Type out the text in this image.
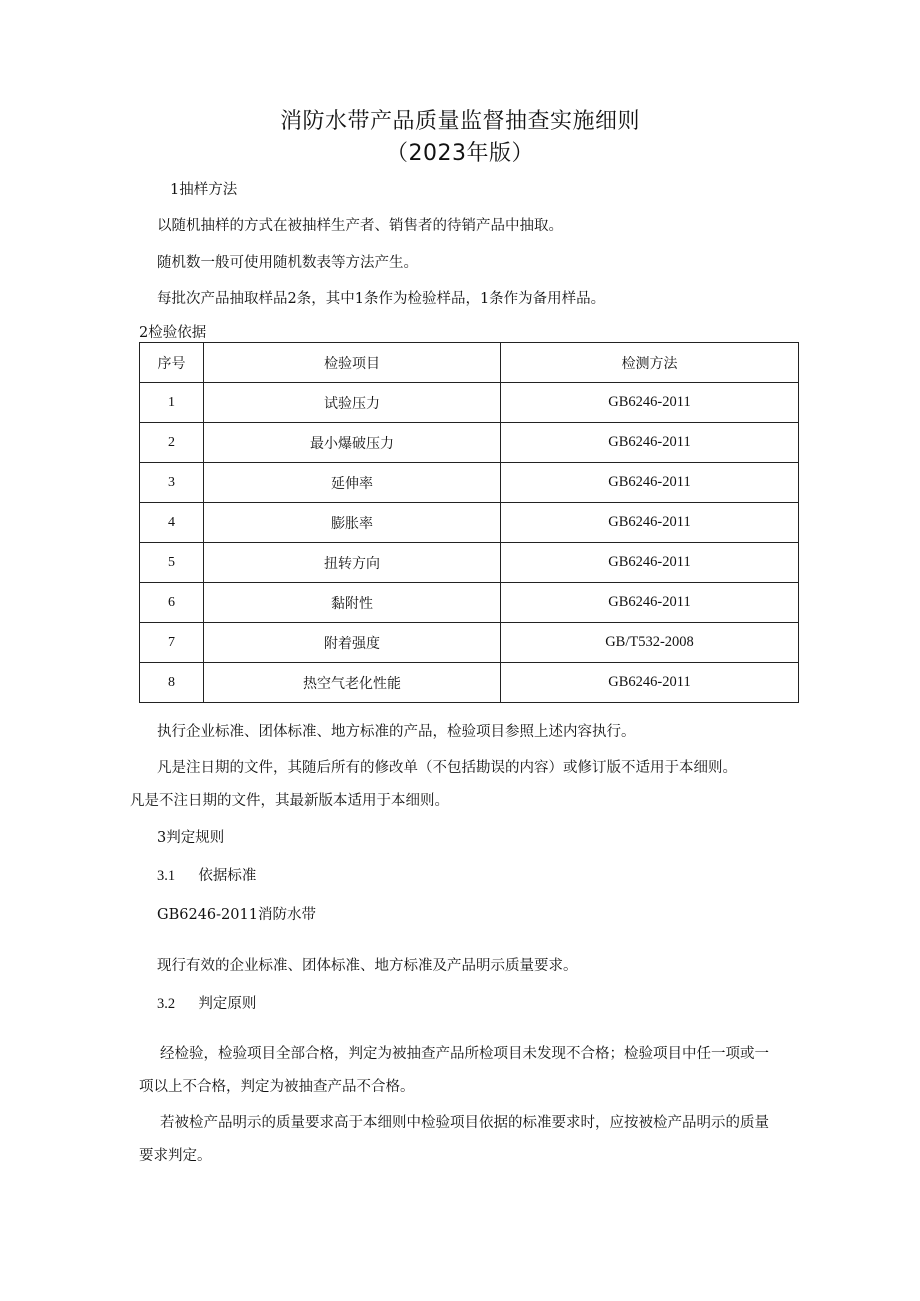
消防水带产品质量监督抽查实施细则
（2023年版）
1抽样方法
以随机抽样的方式在被抽样生产者、销售者的待销产品中抽取。
随机数一般可使用随机数表等方法产生。
每批次产品抽取样品2条，其中1条作为检验样品，1条作为备用样品。
2检验依据
序号	检验项目	检测方法
1	试验压力	GB6246-2011
2	最小爆破压力	GB6246-2011
3	延伸率	GB6246-2011
4	膨胀率	GB6246-2011
5	扭转方向	GB6246-2011
6	黏附性	GB6246-2011
7	附着强度	GB/T532-2008
8	热空气老化性能	GB6246-2011
执行企业标准、团体标准、地方标准的产品，检验项目参照上述内容执行。
凡是注日期的文件，其随后所有的修改单（不包括勘误的内容）或修订版不适用于本细则。
凡是不注日期的文件，其最新版本适用于本细则。
3判定规则
3.1 依据标准
GB6246-2011消防水带
现行有效的企业标准、团体标准、地方标准及产品明示质量要求。
3.2 判定原则
经检验，检验项目全部合格，判定为被抽查产品所检项目未发现不合格；检验项目中任一项或一
项以上不合格，判定为被抽查产品不合格。
若被检产品明示的质量要求高于本细则中检验项目依据的标准要求时，应按被检产品明示的质量
要求判定。
